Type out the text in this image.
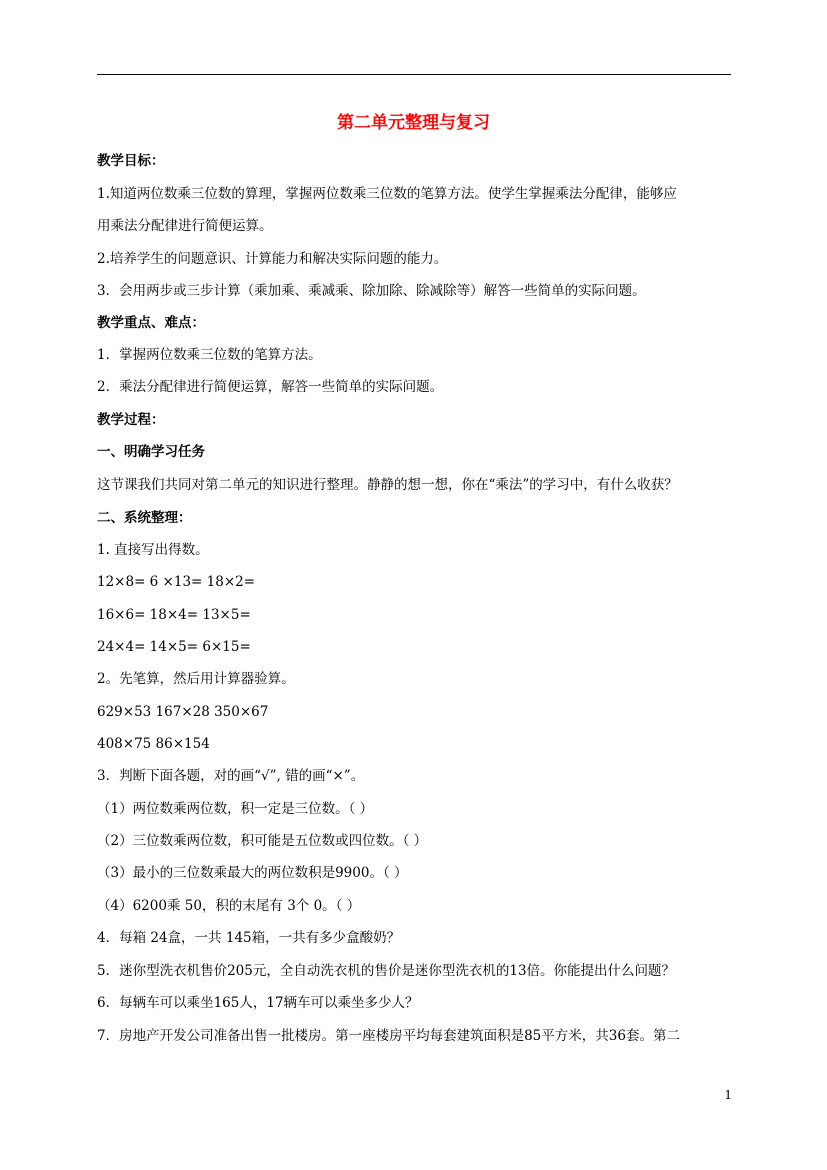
第二单元整理与复习
教学目标：
1.知道两位数乘三位数的算理，掌握两位数乘三位数的笔算方法。使学生掌握乘法分配律，能够应
用乘法分配律进行简便运算。
2.培养学生的问题意识、计算能力和解决实际问题的能力。
3．会用两步或三步计算（乘加乘、乘减乘、除加除、除减除等）解答一些简单的实际问题。
教学重点、难点：
1．掌握两位数乘三位数的笔算方法。
2．乘法分配律进行简便运算，解答一些简单的实际问题。
教学过程：
一、明确学习任务
这节课我们共同对第二单元的知识进行整理。静静的想一想，你在“乘法”的学习中，有什么收获？
二、系统整理：
1. 直接写出得数。
12×8= 6 ×13= 18×2=
16×6= 18×4= 13×5=
24×4= 14×5= 6×15=
2。先笔算，然后用计算器验算。
629×53 167×28 350×67
408×75 86×154
3．判断下面各题，对的画“√”, 错的画“×”。
（1）两位数乘两位数，积一定是三位数。（ ）
（2）三位数乘两位数，积可能是五位数或四位数。（ ）
（3）最小的三位数乘最大的两位数积是9900。（ ）
（4）6200乘 50，积的末尾有 3个 0。（ ）
4．每箱 24盒，一共 145箱，一共有多少盒酸奶？
5．迷你型洗衣机售价205元，全自动洗衣机的售价是迷你型洗衣机的13倍。你能提出什么问题？
6．每辆车可以乘坐165人，17辆车可以乘坐多少人？
7．房地产开发公司准备出售一批楼房。第一座楼房平均每套建筑面积是85平方米，共36套。第二
1
